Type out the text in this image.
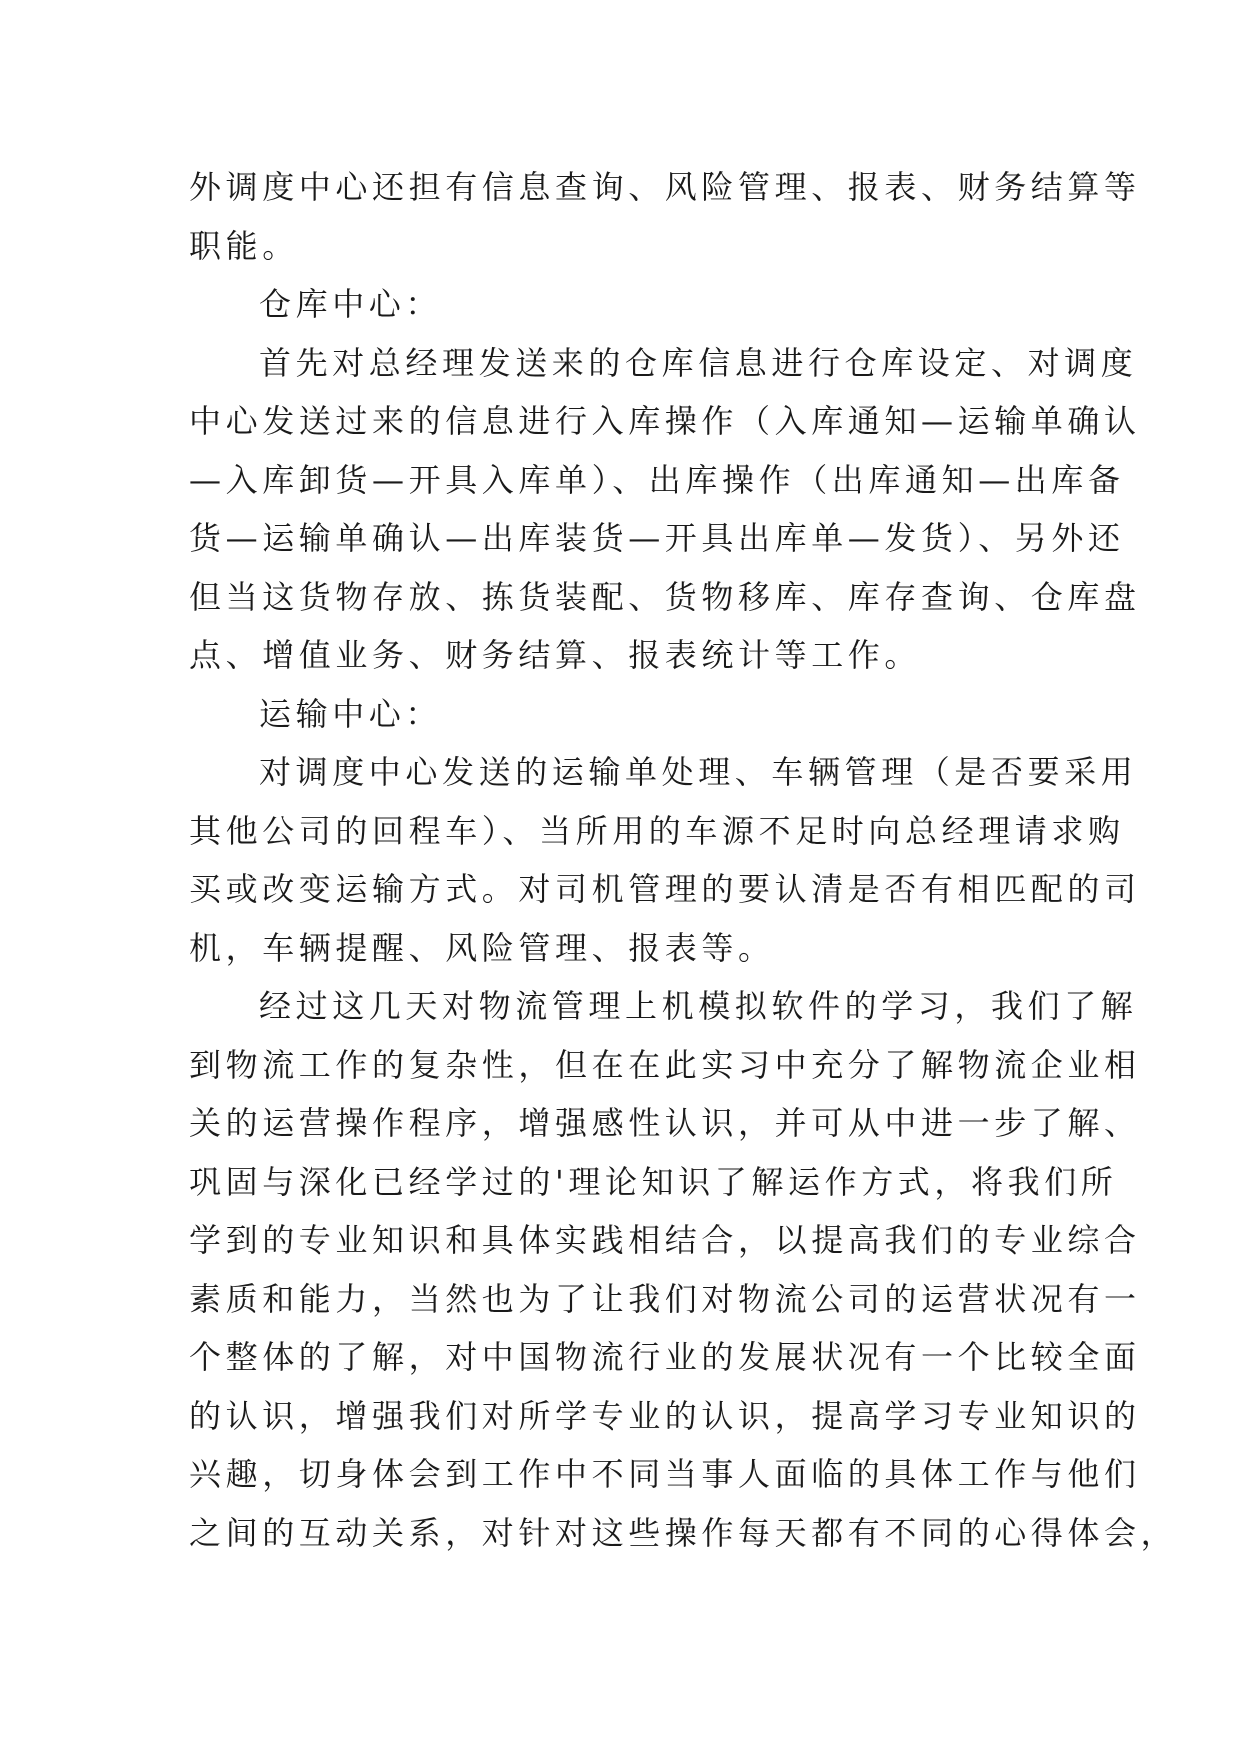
外调度中心还担有信息查询、风险管理、报表、财务结算等
职能。
仓库中心：
首先对总经理发送来的仓库信息进行仓库设定、对调度
中心发送过来的信息进行入库操作（入库通知—运输单确认
—入库卸货—开具入库单）、出库操作（出库通知—出库备
货—运输单确认—出库装货—开具出库单—发货）、另外还
但当这货物存放、拣货装配、货物移库、库存查询、仓库盘
点、增值业务、财务结算、报表统计等工作。
运输中心：
对调度中心发送的运输单处理、车辆管理（是否要采用
其他公司的回程车）、当所用的车源不足时向总经理请求购
买或改变运输方式。对司机管理的要认清是否有相匹配的司
机，车辆提醒、风险管理、报表等。
经过这几天对物流管理上机模拟软件的学习，我们了解
到物流工作的复杂性，但在在此实习中充分了解物流企业相
关的运营操作程序，增强感性认识，并可从中进一步了解、
巩固与深化已经学过的'理论知识了解运作方式，将我们所
学到的专业知识和具体实践相结合，以提高我们的专业综合
素质和能力，当然也为了让我们对物流公司的运营状况有一
个整体的了解，对中国物流行业的发展状况有一个比较全面
的认识，增强我们对所学专业的认识，提高学习专业知识的
兴趣，切身体会到工作中不同当事人面临的具体工作与他们
之间的互动关系，对针对这些操作每天都有不同的心得体会，
